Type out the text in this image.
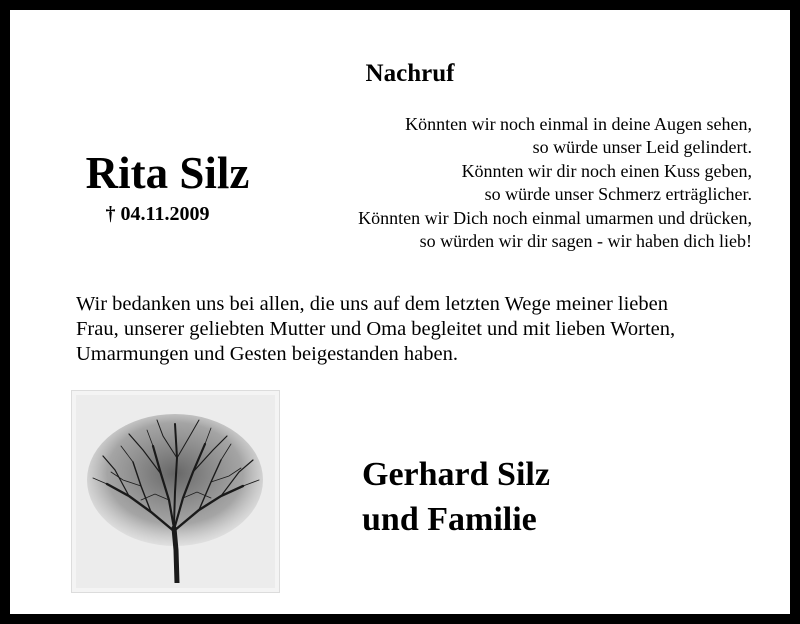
Nachruf
Rita Silz
† 04.11.2009
Könnten wir noch einmal in deine Augen sehen,
so würde unser Leid gelindert.
Könnten wir dir noch einen Kuss geben,
so würde unser Schmerz erträglicher.
Könnten wir Dich noch einmal umarmen und drücken,
so würden wir dir sagen - wir haben dich lieb!
Wir bedanken uns bei allen, die uns auf dem letzten Wege meiner lieben
Frau, unserer geliebten Mutter und Oma begleitet und mit lieben Worten,
Umarmungen und Gesten beigestanden haben.
Gerhard Silz
und Familie
